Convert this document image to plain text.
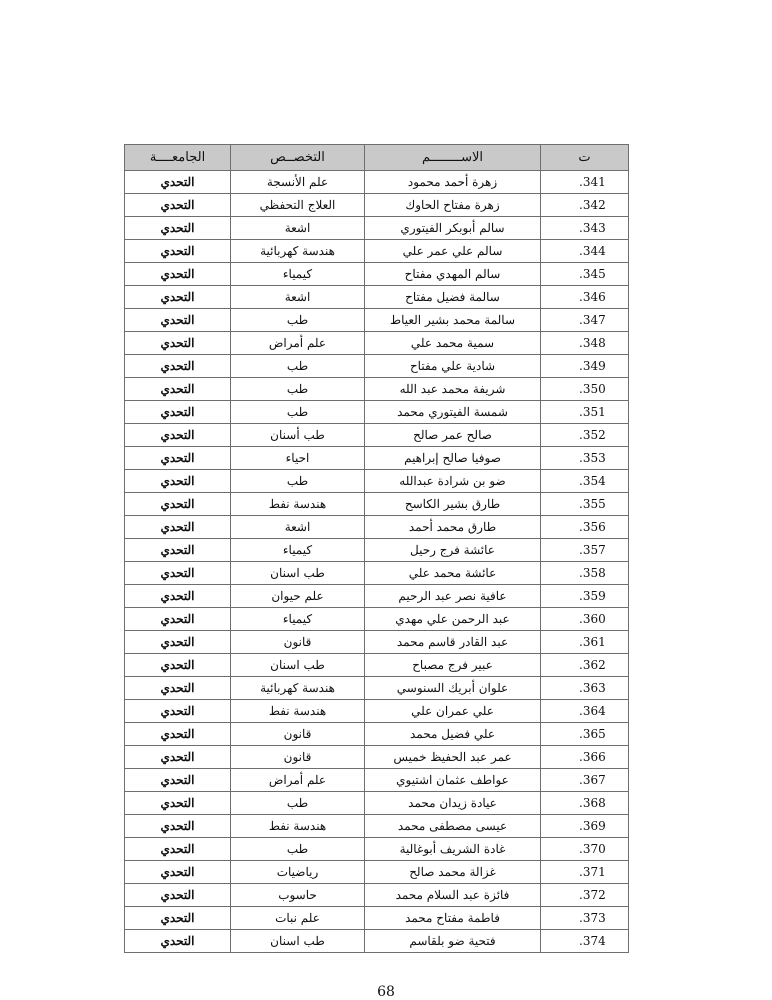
ت	الاســــــــم	التخصــص	الجامعــــة
341.	زهرة أحمد محمود	علم الأنسجة	التحدي
342.	زهرة مفتاح الحاوك	العلاج التحفظي	التحدي
343.	سالم أبوبكر الفيتوري	اشعة	التحدي
344.	سالم علي عمر علي	هندسة كهربائية	التحدي
345.	سالم المهدي مفتاح	كيمياء	التحدي
346.	سالمة فضيل مفتاح	اشعة	التحدي
347.	سالمة محمد بشير العياط	طب	التحدي
348.	سمية محمد علي	علم أمراض	التحدي
349.	شادية علي مفتاح	طب	التحدي
350.	شريفة محمد عبد الله	طب	التحدي
351.	شمسة الفيتوري محمد	طب	التحدي
352.	صالح عمر صالح	طب أسنان	التحدي
353.	صوفيا صالح إبراهيم	احياء	التحدي
354.	ضو بن شرادة عبدالله	طب	التحدي
355.	طارق بشير الكاسح	هندسة نفط	التحدي
356.	طارق محمد أحمد	اشعة	التحدي
357.	عائشة فرج رحيل	كيمياء	التحدي
358.	عائشة محمد علي	طب اسنان	التحدي
359.	عافية نصر عبد الرحيم	علم حيوان	التحدي
360.	عبد الرحمن علي مهدي	كيمياء	التحدي
361.	عبد القادر قاسم محمد	قانون	التحدي
362.	عبير فرج مصباح	طب اسنان	التحدي
363.	علوان أبريك السنوسي	هندسة كهربائية	التحدي
364.	علي عمران علي	هندسة نفط	التحدي
365.	علي فضيل محمد	قانون	التحدي
366.	عمر عبد الحفيظ خميس	قانون	التحدي
367.	عواطف عثمان اشتيوي	علم أمراض	التحدي
368.	عيادة زيدان محمد	طب	التحدي
369.	عيسى مصطفى محمد	هندسة نفط	التحدي
370.	غادة الشريف أبوغالية	طب	التحدي
371.	غزالة محمد صالح	رياضيات	التحدي
372.	فائزة عبد السلام محمد	حاسوب	التحدي
373.	فاطمة مفتاح محمد	علم نبات	التحدي
374.	فتحية ضو بلقاسم	طب اسنان	التحدي
68
